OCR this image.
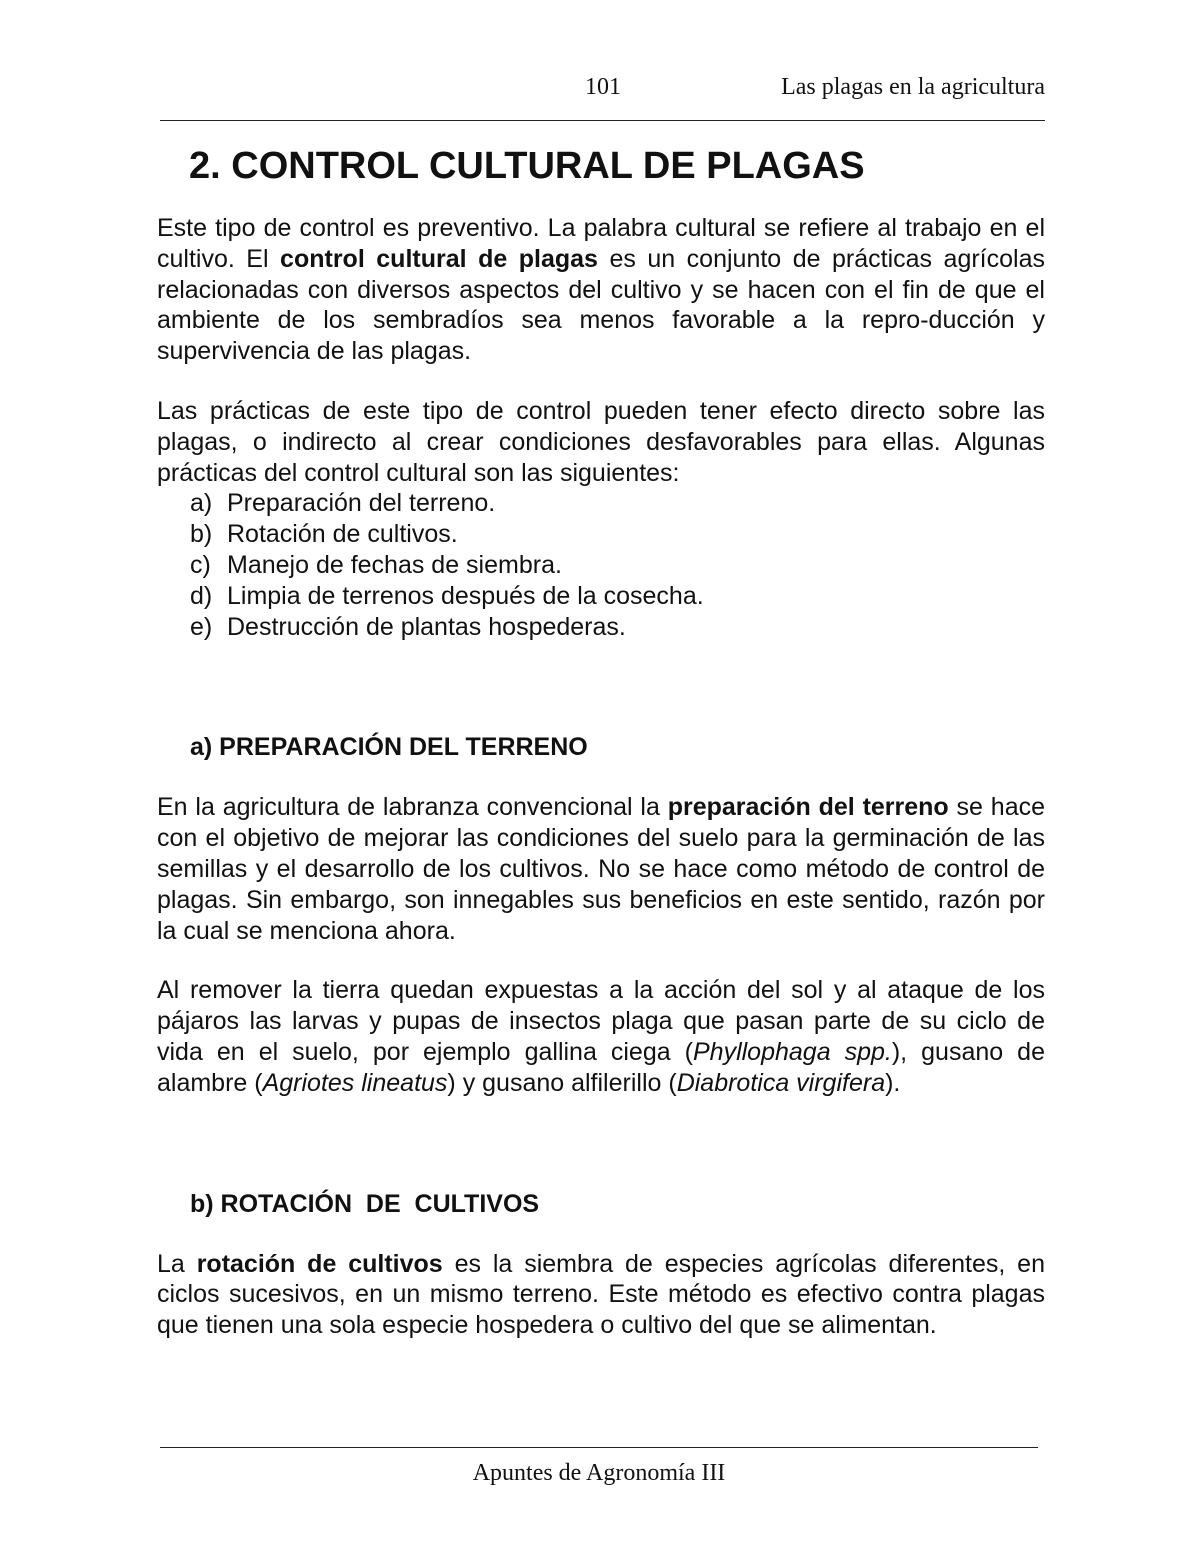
101	Las plagas en la agricultura
2. CONTROL CULTURAL DE PLAGAS

Este tipo de control es preventivo. La palabra cultural se refiere al trabajo en el cultivo. El control cultural de plagas es un conjunto de prácticas agrícolas relacionadas con diversos aspectos del cultivo y se hacen con el fin de que el ambiente de los sembradíos sea menos favorable a la repro-ducción y supervivencia de las plagas.

Las prácticas de este tipo de control pueden tener efecto directo sobre las plagas, o indirecto al crear condiciones desfavorables para ellas. Algunas prácticas del control cultural son las siguientes:

a) Preparación del terreno.
b) Rotación de cultivos.
c) Manejo de fechas de siembra.
d) Limpia de terrenos después de la cosecha.
e) Destrucción de plantas hospederas.
a) PREPARACIÓN DEL TERRENO

En la agricultura de labranza convencional la preparación del terreno se hace con el objetivo de mejorar las condiciones del suelo para la germinación de las semillas y el desarrollo de los cultivos. No se hace como método de control de plagas. Sin embargo, son innegables sus beneficios en este sentido, razón por la cual se menciona ahora.

Al remover la tierra quedan expuestas a la acción del sol y al ataque de los pájaros las larvas y pupas de insectos plaga que pasan parte de su ciclo de vida en el suelo, por ejemplo gallina ciega (Phyllophaga spp.), gusano de alambre (Agriotes lineatus) y gusano alfilerillo (Diabrotica virgifera).

b) ROTACIÓN  DE  CULTIVOS

La rotación de cultivos es la siembra de especies agrícolas diferentes, en ciclos sucesivos, en un mismo terreno. Este método es efectivo contra plagas que tienen una sola especie hospedera o cultivo del que se alimentan.

Apuntes de Agronomía III
